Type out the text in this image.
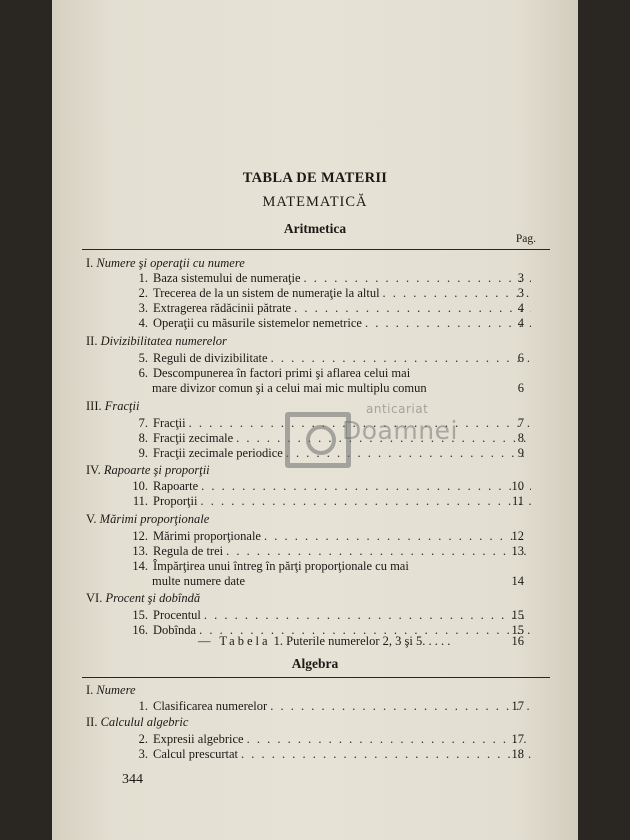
TABLA DE MATERII
MATEMATICĂ
Aritmetica
Pag.
I. Numere şi operaţii cu numere
1. Baza sistemului de numeraţie . . .	3
2. Trecerea de la un sistem de numeraţie la altul . . .	3
3. Extragerea rădăcinii pătrate . . .	4
4. Operaţii cu măsurile sistemelor nemetrice . . .	4
II. Divizibilitatea numerelor
5. Reguli de divizibilitate . . .	6
6. Descompunerea în factori primi şi aflarea celui mai
mare divizor comun şi a celui mai mic multiplu comun	6
III. Fracţii
7. Fracţii . . .	7
8. Fracţii zecimale . . .	8
9. Fracţii zecimale periodice . . .	9
IV. Rapoarte şi proporţii
10. Rapoarte . . .	10
11. Proporţii . . .	11
V. Mărimi proporţionale
12. Mărimi proporţionale . . .	12
13. Regula de trei . . .	13
14. Împărţirea unui întreg în părţi proporţionale cu mai
multe numere date	14
VI. Procent şi dobîndă
15. Procentul . . .	15
16. Dobînda . . .	15
— Tabela 1. Puterile numerelor 2, 3 şi 5. . . . .	16
Algebra
I. Numere
1. Clasificarea numerelor . . .	17
II. Calculul algebric
2. Expresii algebrice . . .	17
3. Calcul prescurtat . . .	18
344
anticariat
Doamnei
